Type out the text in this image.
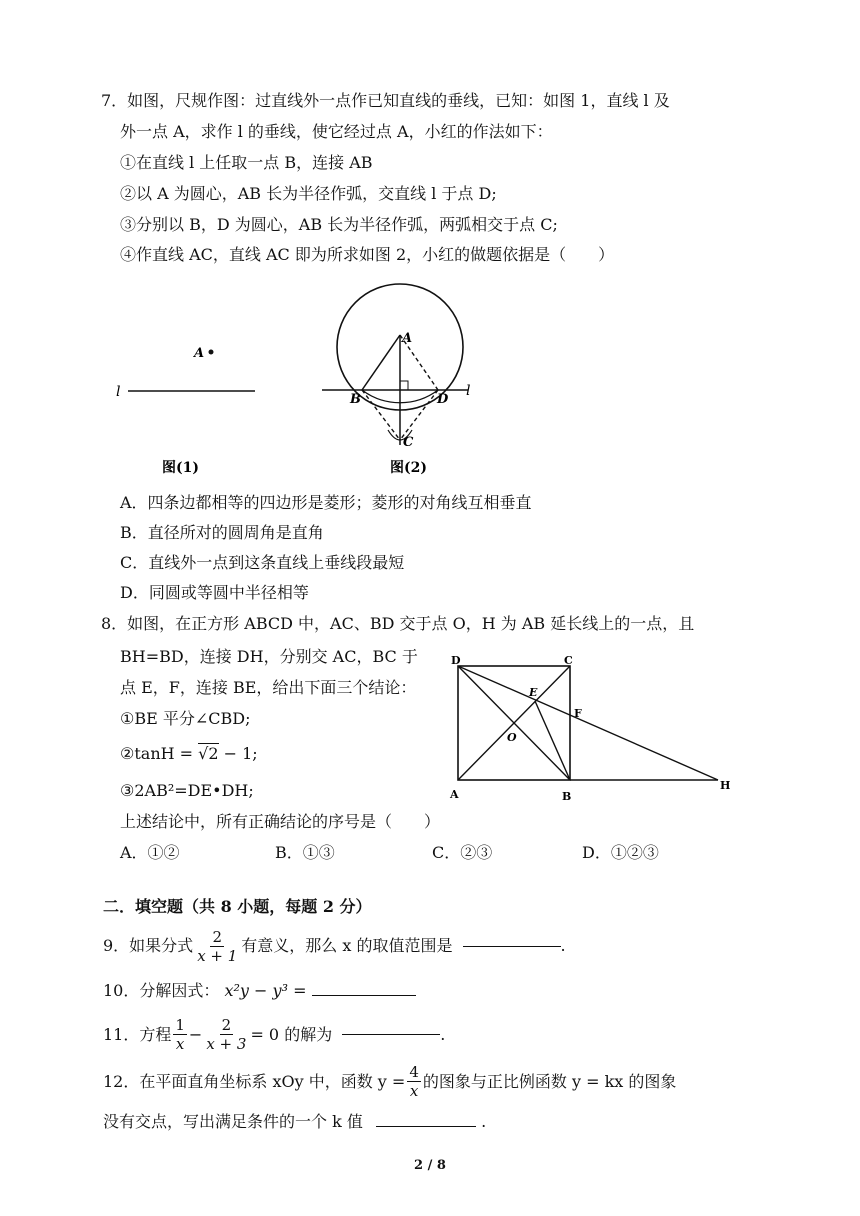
7．如图，尺规作图：过直线外一点作已知直线的垂线，已知：如图 1，直线 l 及
外一点 A，求作 l 的垂线，使它经过点 A，小红的作法如下：
①在直线 l 上任取一点 B，连接 AB
②以 A 为圆心，AB 长为半径作弧，交直线 l 于点 D;
③分别以 B，D 为圆心，AB 长为半径作弧，两弧相交于点 C;
④作直线 AC，直线 AC 即为所求如图 2，小红的做题依据是（　　）
A
l
图(1)
A
B	D
C
l
图(2)
A．四条边都相等的四边形是菱形；菱形的对角线互相垂直
B．直径所对的圆周角是直角
C．直线外一点到这条直线上垂线段最短
D．同圆或等圆中半径相等
8．如图，在正方形 ABCD 中，AC、BD 交于点 O，H 为 AB 延长线上的一点，且
BH=BD，连接 DH，分别交 AC，BC 于
点 E，F，连接 BE，给出下面三个结论：
①BE 平分∠CBD;
②tanH = √2 − 1;
③2AB²=DE•DH;
上述结论中，所有正确结论的序号是（　　）
A．①②	B．①③	C．②③	D．①②③
D	C
E
F
O
A	B
H
二．填空题（共 8 小题，每题 2 分）
9．如果分式 $\frac{2}{x + 1}$ 有意义，那么 x 的取值范围是	.
10．分解因式： x²y − y³ =
11．方程 $\frac{1}{x} - \frac{2}{x + 3} = 0$ 的解为	.
12．在平面直角坐标系 xOy 中，函数 $y = \frac{4}{x}$ 的图象与正比例函数 y = kx 的图象
没有交点，写出满足条件的一个 k 值	.
2 / 8
